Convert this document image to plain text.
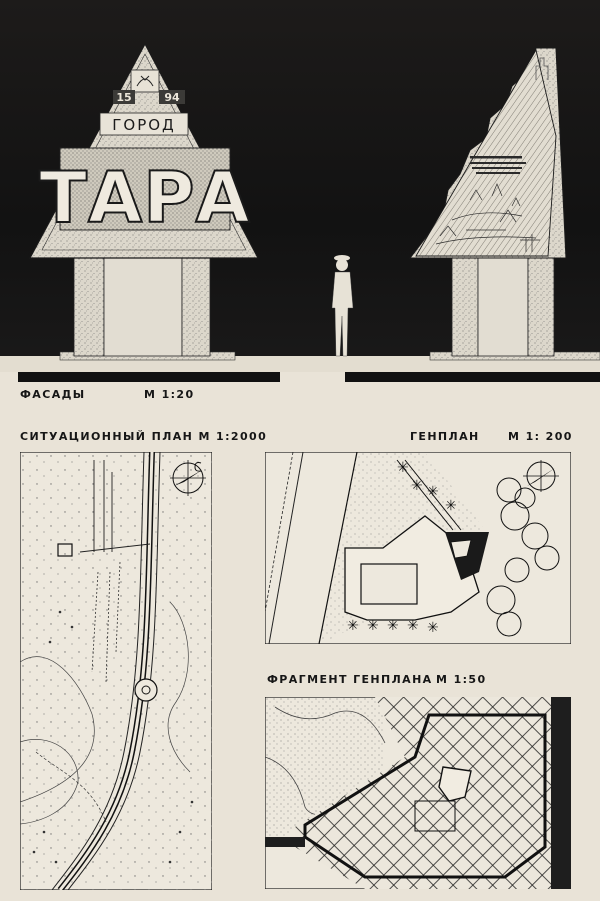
15	94
ГОРОД
ТАРА
ФАСАДЫ	М 1:20
СИТУАЦИОННЫЙ ПЛАН М 1:2000	ГЕНПЛАН	М 1: 200
✳
✳ ✳
✳
✳ ✳ ✳ ✳ ✳
ФРАГМЕНТ ГЕНПЛАНА М 1:50
